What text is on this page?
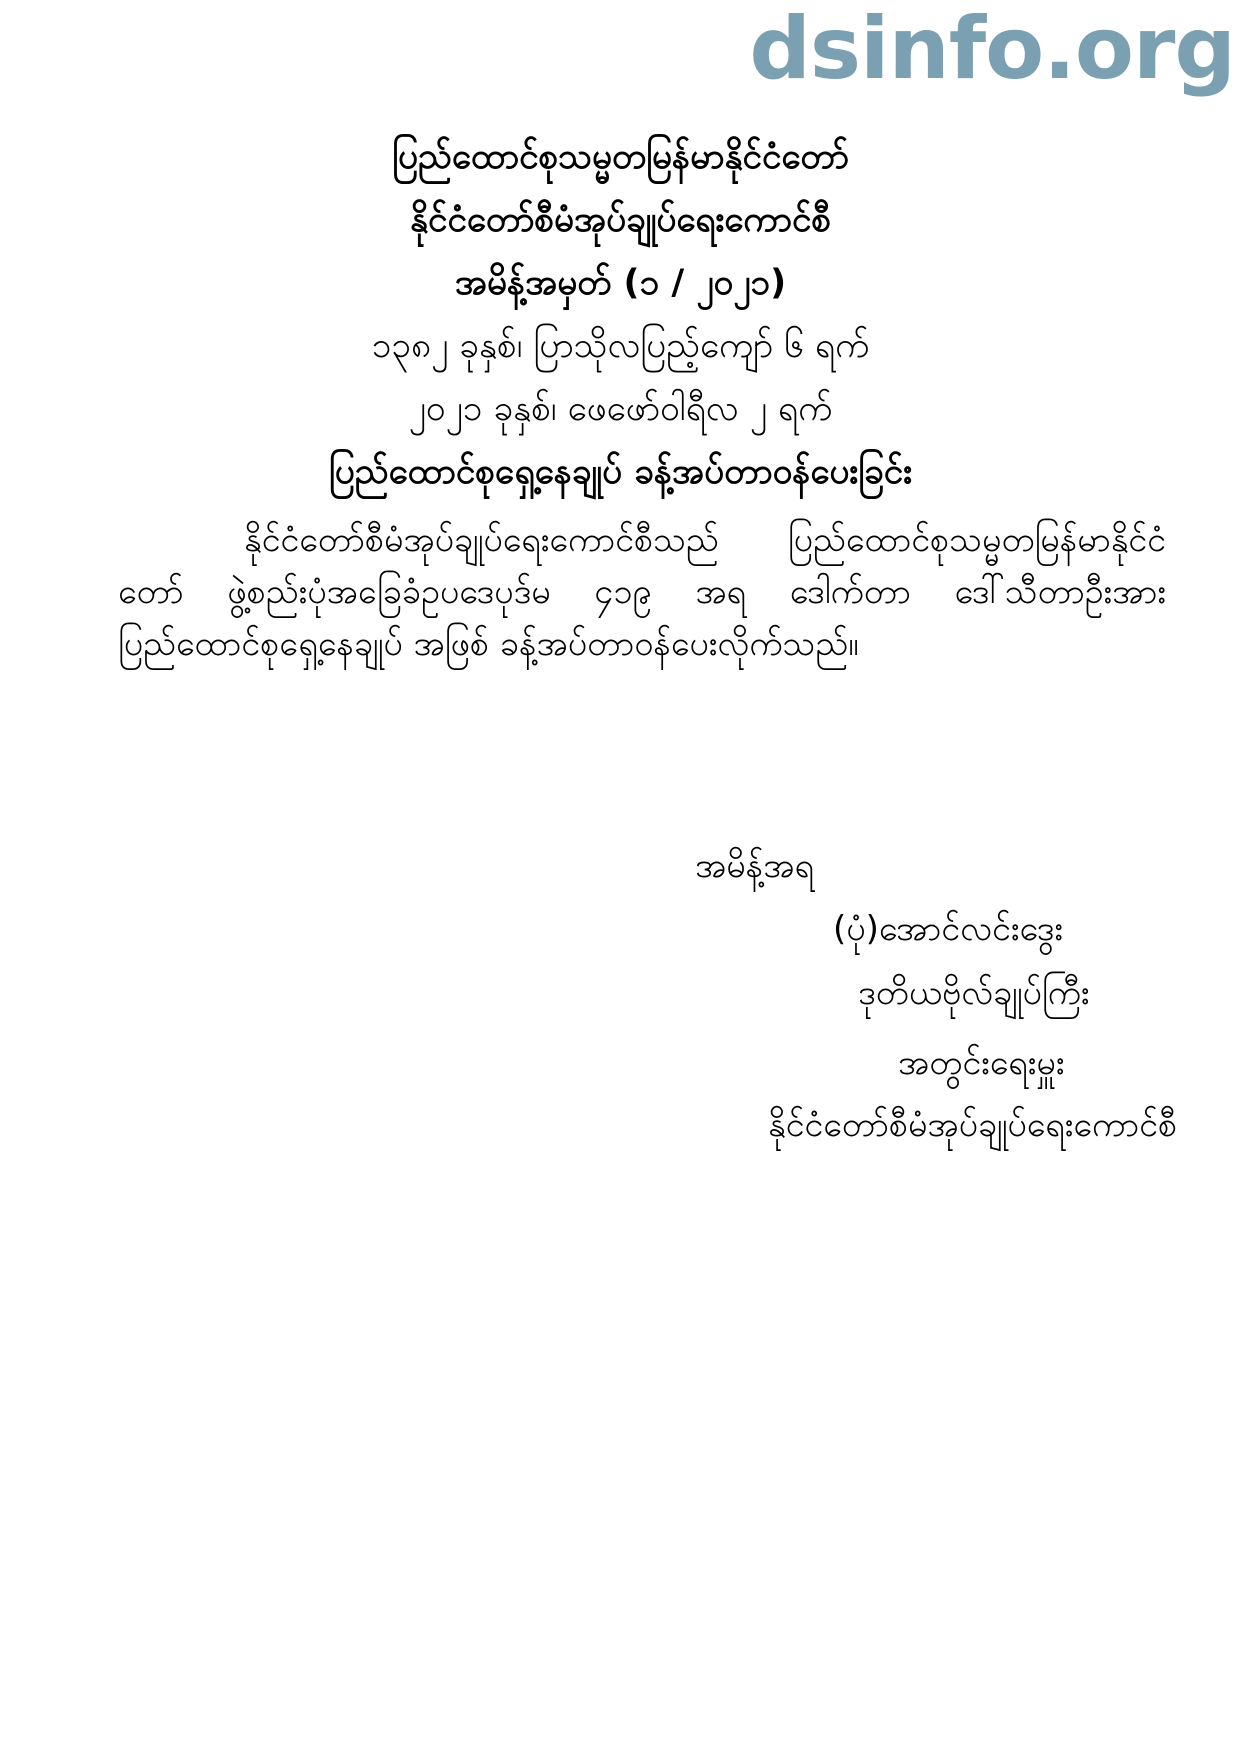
dsinfo.org
ပြည်ထောင်စုသမ္မတမြန်မာနိုင်ငံတော်
နိုင်ငံတော်စီမံအုပ်ချုပ်ရေးကောင်စီ
အမိန့်အမှတ် (၁ / ၂၀၂၁)
၁၃၈၂ ခုနှစ်၊ ပြာသိုလပြည့်ကျော် ၆ ရက်
၂၀၂၁ ခုနှစ်၊ ဖေဖော်ဝါရီလ ၂ ရက်
ပြည်ထောင်စုရှေ့နေချုပ် ခန့်အပ်တာဝန်ပေးခြင်း

နိုင်ငံတော်စီမံအုပ်ချုပ်ရေးကောင်စီသည် ပြည်ထောင်စုသမ္မတမြန်မာနိုင်ငံတော် ဖွဲ့စည်းပုံအခြေခံဥပဒေပုဒ်မ ၄၁၉ အရ ဒေါက်တာ ဒေါ်သီတာဦးအား ပြည်ထောင်စုရှေ့နေချုပ် အဖြစ် ခန့်အပ်တာဝန်ပေးလိုက်သည်။

အမိန့်အရ
(ပုံ)အောင်လင်းဒွေး
ဒုတိယဗိုလ်ချုပ်ကြီး
အတွင်းရေးမှူး
နိုင်ငံတော်စီမံအုပ်ချုပ်ရေးကောင်စီ
